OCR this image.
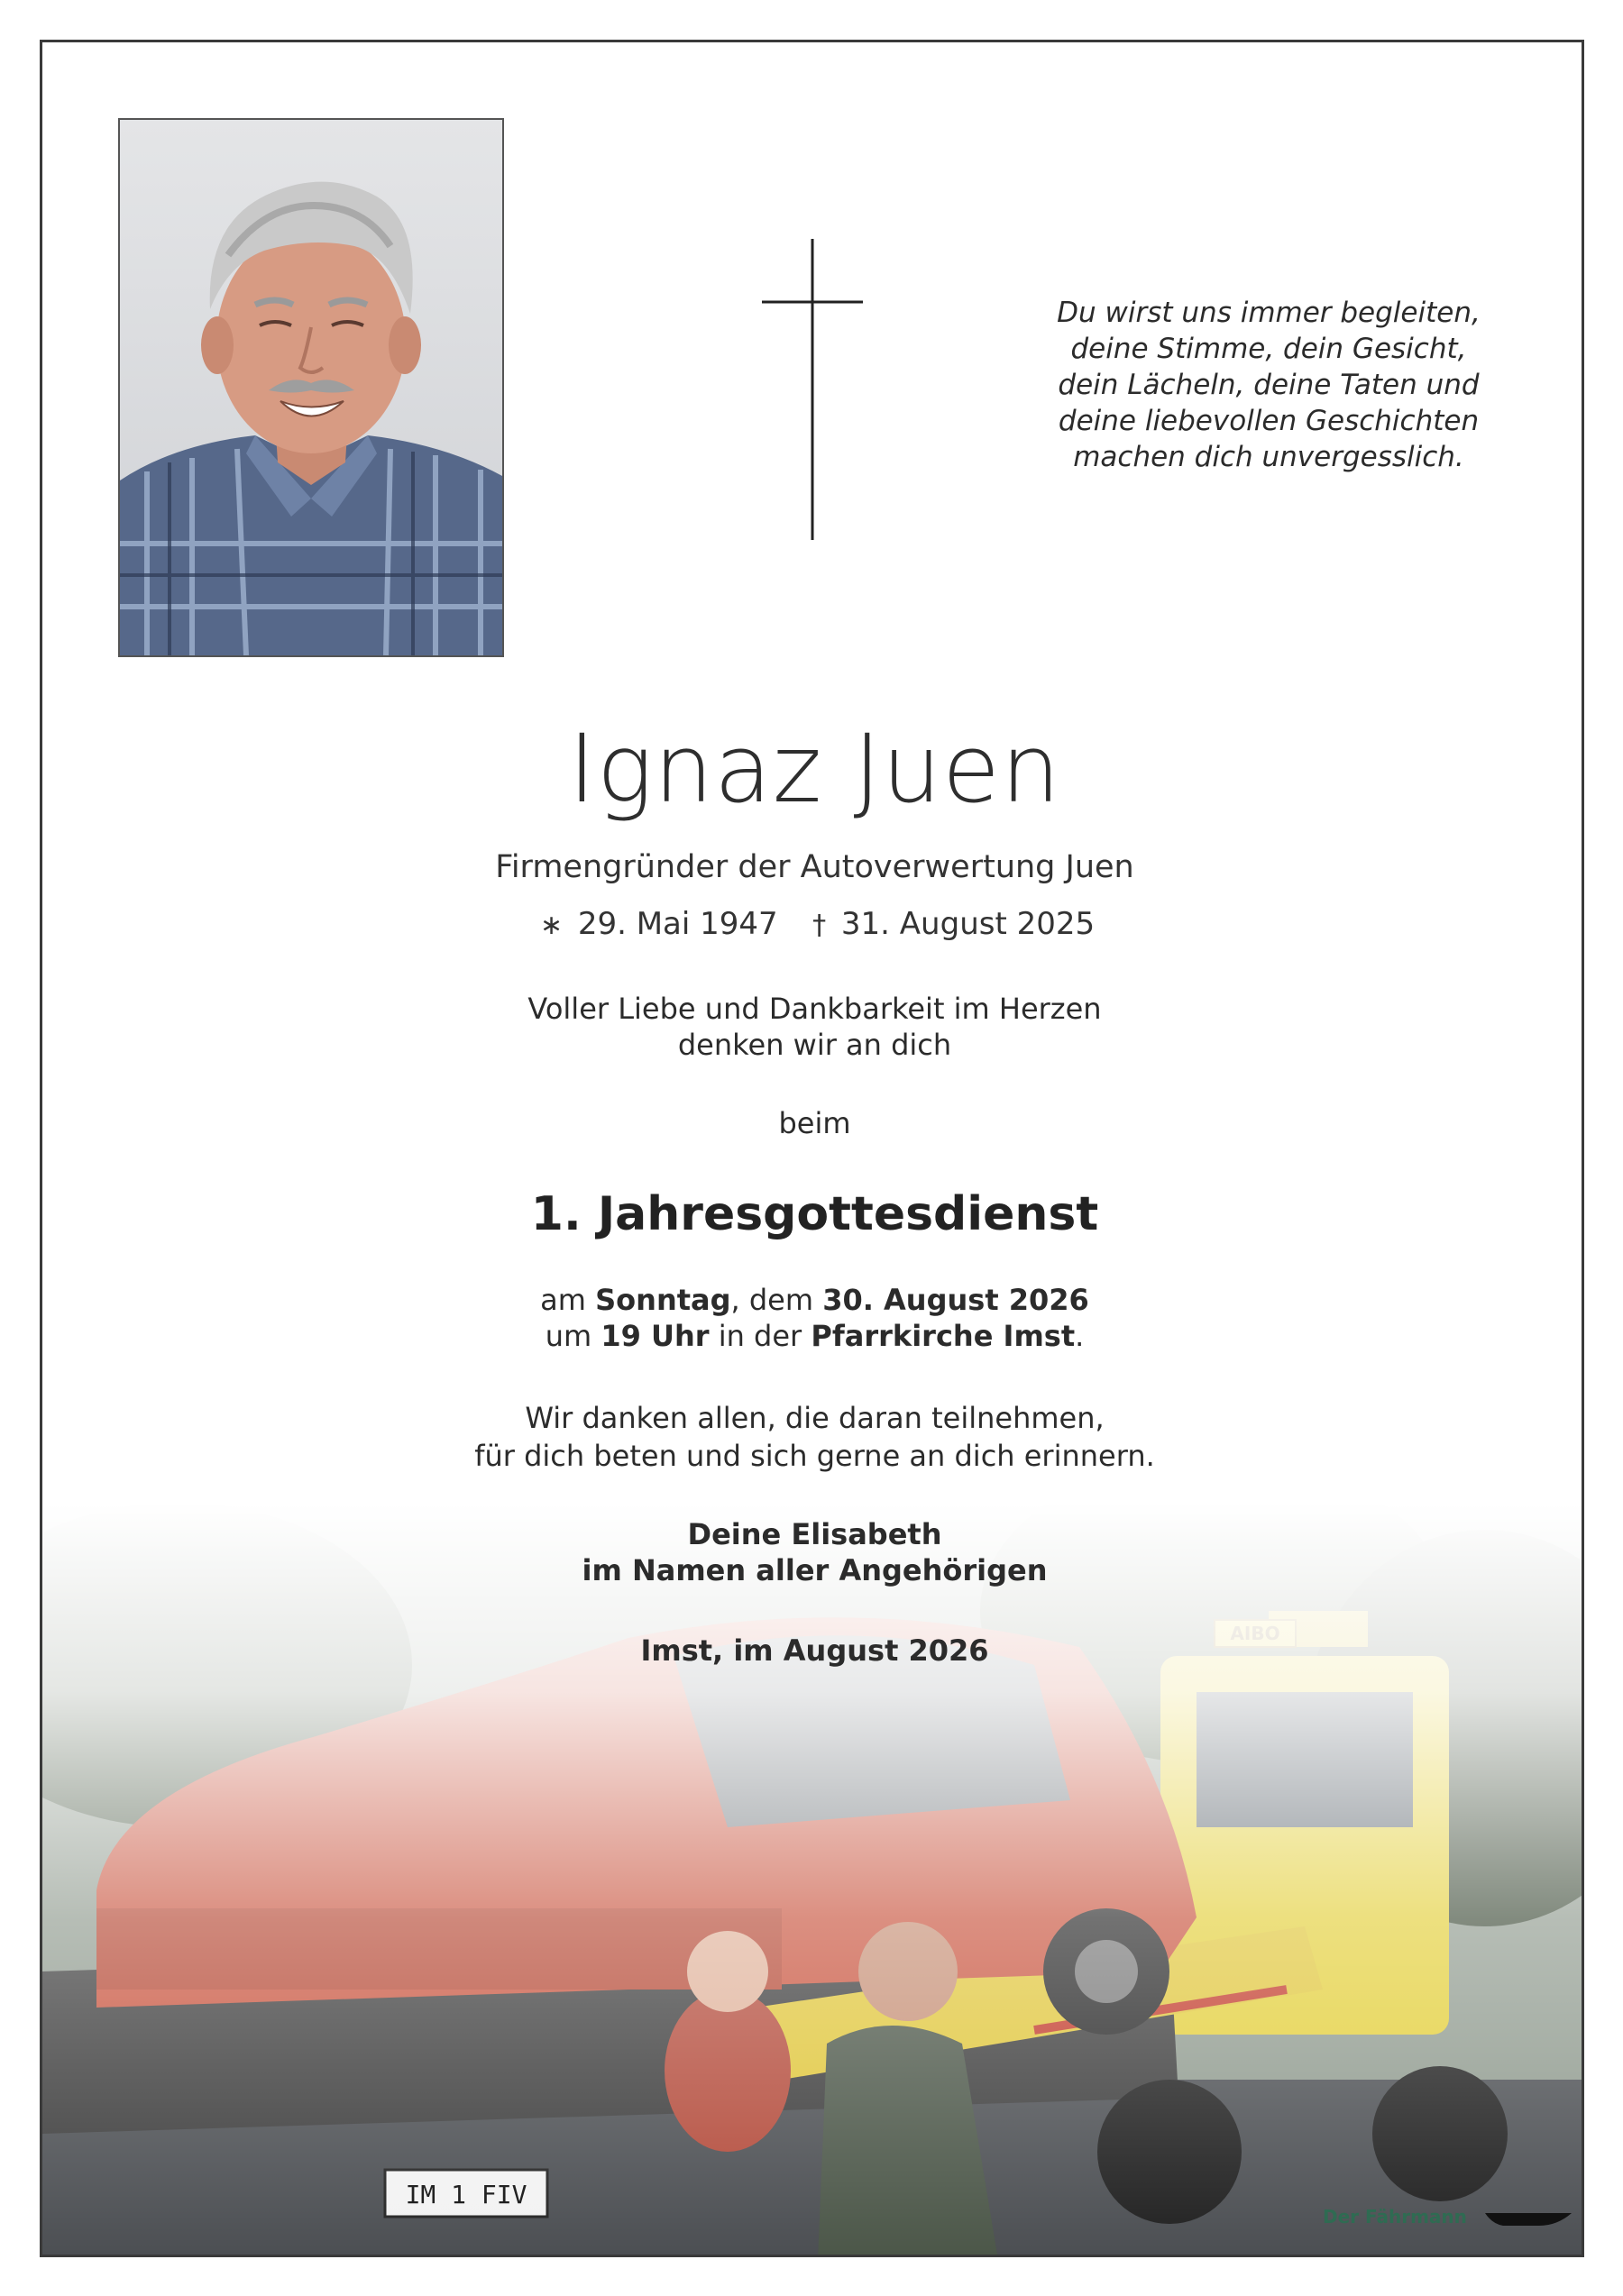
Du wirst uns immer begleiten,
deine Stimme, dein Gesicht,
dein Lächeln, deine Taten und
deine liebevollen Geschichten
machen dich unvergesslich.
Ignaz Juen
Firmengründer der Autoverwertung Juen
∗ 29. Mai 1947 † 31. August 2025
Voller Liebe und Dankbarkeit im Herzen
denken wir an dich
beim
1. Jahresgottesdienst
am Sonntag, dem 30. August 2026
um 19 Uhr in der Pfarrkirche Imst.
Wir danken allen, die daran teilnehmen,
für dich beten und sich gerne an dich erinnern.
Deine Elisabeth
im Namen aller Angehörigen
Imst, im August 2026
Der Fährmann
